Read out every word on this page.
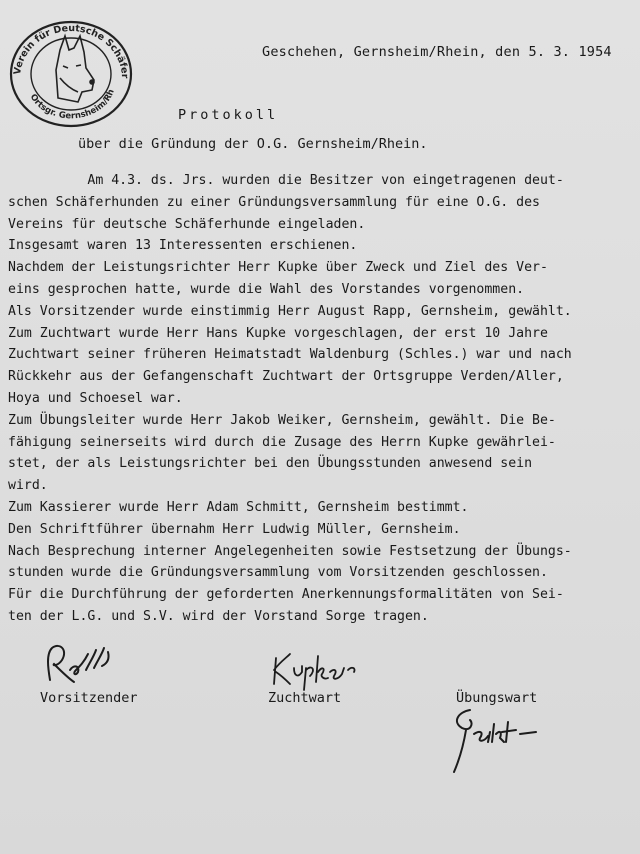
Verein für Deutsche Schäfer
Ortsgr. Gernsheim/Rh
Geschehen, Gernsheim/Rhein, den 5. 3. 1954
Protokoll
über die Gründung der O.G. Gernsheim/Rhein.
Am 4.3. ds. Jrs. wurden die Besitzer von eingetragenen deut-
schen Schäferhunden zu einer Gründungsversammlung für eine O.G. des
Vereins für deutsche Schäferhunde eingeladen.
Insgesamt waren 13 Interessenten erschienen.
Nachdem der Leistungsrichter Herr Kupke über Zweck und Ziel des Ver-
eins gesprochen hatte, wurde die Wahl des Vorstandes vorgenommen.
Als Vorsitzender wurde einstimmig Herr August Rapp, Gernsheim, gewählt.
Zum Zuchtwart wurde Herr Hans Kupke vorgeschlagen, der erst 10 Jahre
Zuchtwart seiner früheren Heimatstadt Waldenburg (Schles.) war und nach
Rückkehr aus der Gefangenschaft Zuchtwart der Ortsgruppe Verden/Aller,
Hoya und Schoesel war.
Zum Übungsleiter wurde Herr Jakob Weiker, Gernsheim, gewählt. Die Be-
fähigung seinerseits wird durch die Zusage des Herrn Kupke gewährlei-
stet, der als Leistungsrichter bei den Übungsstunden anwesend sein
wird.
Zum Kassierer wurde Herr Adam Schmitt, Gernsheim bestimmt.
Den Schriftführer übernahm Herr Ludwig Müller, Gernsheim.
Nach Besprechung interner Angelegenheiten sowie Festsetzung der Übungs-
stunden wurde die Gründungsversammlung vom Vorsitzenden geschlossen.
Für die Durchführung der geforderten Anerkennungsformalitäten von Sei-
ten der L.G. und S.V. wird der Vorstand Sorge tragen.
Vorsitzender	Zuchtwart	Übungswart
